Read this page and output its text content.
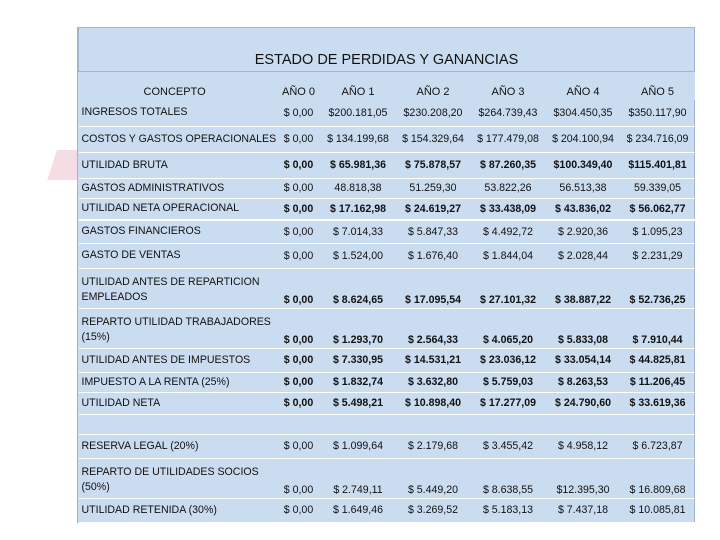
ESTADO DE PERDIDAS Y GANANCIAS						
CONCEPTO	AÑO 0	AÑO 1	AÑO 2	AÑO 3	AÑO 4	AÑO 5
INGRESOS TOTALES	$ 0,00	$200.181,05	$230.208,20	$264.739,43	$304.450,35	$350.117,90
COSTOS Y GASTOS OPERACIONALES	$ 0,00	$ 134.199,68	$ 154.329,64	$ 177.479,08	$ 204.100,94	$ 234.716,09
UTILIDAD BRUTA	$ 0,00	$ 65.981,36	$ 75.878,57	$ 87.260,35	$100.349,40	$115.401,81
GASTOS ADMINISTRATIVOS	$ 0,00	48.818,38	51.259,30	53.822,26	56.513,38	59.339,05
UTILIDAD NETA OPERACIONAL	$ 0,00	$ 17.162,98	$ 24.619,27	$ 33.438,09	$ 43.836,02	$ 56.062,77
GASTOS FINANCIEROS	$ 0,00	$ 7.014,33	$ 5.847,33	$ 4.492,72	$ 2.920,36	$ 1.095,23
GASTO DE VENTAS	$ 0,00	$ 1.524,00	$ 1.676,40	$ 1.844,04	$ 2.028,44	$ 2.231,29
UTILIDAD ANTES DE REPARTICION EMPLEADOS	$ 0,00	$ 8.624,65	$ 17.095,54	$ 27.101,32	$ 38.887,22	$ 52.736,25
REPARTO UTILIDAD TRABAJADORES (15%)	$ 0,00	$ 1.293,70	$ 2.564,33	$ 4.065,20	$ 5.833,08	$ 7.910,44
UTILIDAD ANTES DE IMPUESTOS	$ 0,00	$ 7.330,95	$ 14.531,21	$ 23.036,12	$ 33.054,14	$ 44.825,81
IMPUESTO A LA RENTA (25%)	$ 0,00	$ 1.832,74	$ 3.632,80	$ 5.759,03	$ 8.263,53	$ 11.206,45
UTILIDAD NETA	$ 0,00	$ 5.498,21	$ 10.898,40	$ 17.277,09	$ 24.790,60	$ 33.619,36

RESERVA LEGAL (20%)	$ 0,00	$ 1.099,64	$ 2.179,68	$ 3.455,42	$ 4.958,12	$ 6.723,87
REPARTO DE UTILIDADES SOCIOS (50%)	$ 0,00	$ 2.749,11	$ 5.449,20	$ 8.638,55	$12.395,30	$ 16.809,68
UTILIDAD RETENIDA (30%)	$ 0,00	$ 1.649,46	$ 3.269,52	$ 5.183,13	$ 7.437,18	$ 10.085,81
